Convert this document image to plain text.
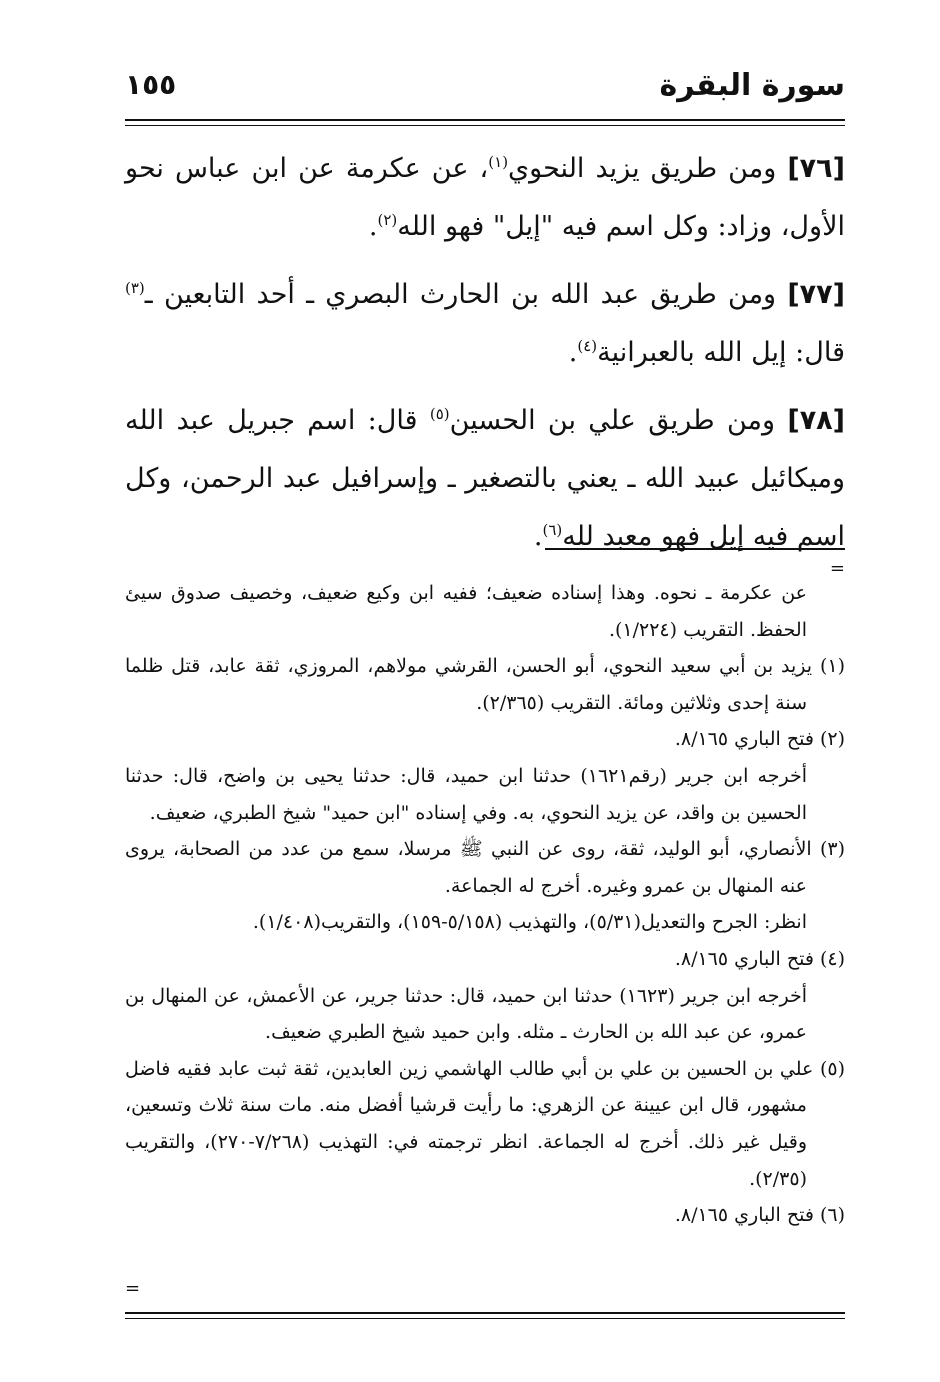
سورة البقرة
١٥٥

[٧٦] ومن طريق يزيد النحوي$^{(١)}$، عن عكرمة عن ابن عباس نحو الأول، وزاد: وكل اسم فيه "إيل" فهو الله$^{(٢)}$.

[٧٧] ومن طريق عبد الله بن الحارث البصري ـ أحد التابعين ـ$^{(٣)}$ قال: إيل الله بالعبرانية$^{(٤)}$.

[٧٨] ومن طريق علي بن الحسين$^{(٥)}$ قال: اسم جبريل عبد الله وميكائيل عبيد الله ـ يعني بالتصغير ـ وإسرافيل عبد الرحمن، وكل اسم فيه إيل فهو معبد لله$^{(٦)}$.

=

عن عكرمة ـ نحوه. وهذا إسناده ضعيف؛ ففيه ابن وكيع ضعيف، وخصيف صدوق سيئ الحفظ. التقريب (١/٢٢٤).

(١) يزيد بن أبي سعيد النحوي، أبو الحسن، القرشي مولاهم، المروزي، ثقة عابد، قتل ظلما سنة إحدى وثلاثين ومائة. التقريب (٢/٣٦٥).

(٢) فتح الباري ٨/١٦٥.

أخرجه ابن جرير (رقم١٦٢١) حدثنا ابن حميد، قال: حدثنا يحيى بن واضح، قال: حدثنا الحسين بن واقد، عن يزيد النحوي، به. وفي إسناده "ابن حميد" شيخ الطبري، ضعيف.

(٣) الأنصاري، أبو الوليد، ثقة، روى عن النبي ﷺ مرسلا، سمع من عدد من الصحابة، يروى عنه المنهال بن عمرو وغيره. أخرج له الجماعة.

انظر: الجرح والتعديل(٥/٣١)، والتهذيب (٥/١٥٨-١٥٩)، والتقريب(١/٤٠٨).

(٤) فتح الباري ٨/١٦٥.

أخرجه ابن جرير (١٦٢٣) حدثنا ابن حميد، قال: حدثنا جرير، عن الأعمش، عن المنهال بن عمرو، عن عبد الله بن الحارث ـ مثله. وابن حميد شيخ الطبري ضعيف.

(٥) علي بن الحسين بن علي بن أبي طالب الهاشمي زين العابدين، ثقة ثبت عابد فقيه فاضل مشهور، قال ابن عيينة عن الزهري: ما رأيت قرشيا أفضل منه. مات سنة ثلاث وتسعين، وقيل غير ذلك. أخرج له الجماعة. انظر ترجمته في: التهذيب (٧/٢٦٨-٢٧٠)، والتقريب (٢/٣٥).

(٦) فتح الباري ٨/١٦٥.

=
